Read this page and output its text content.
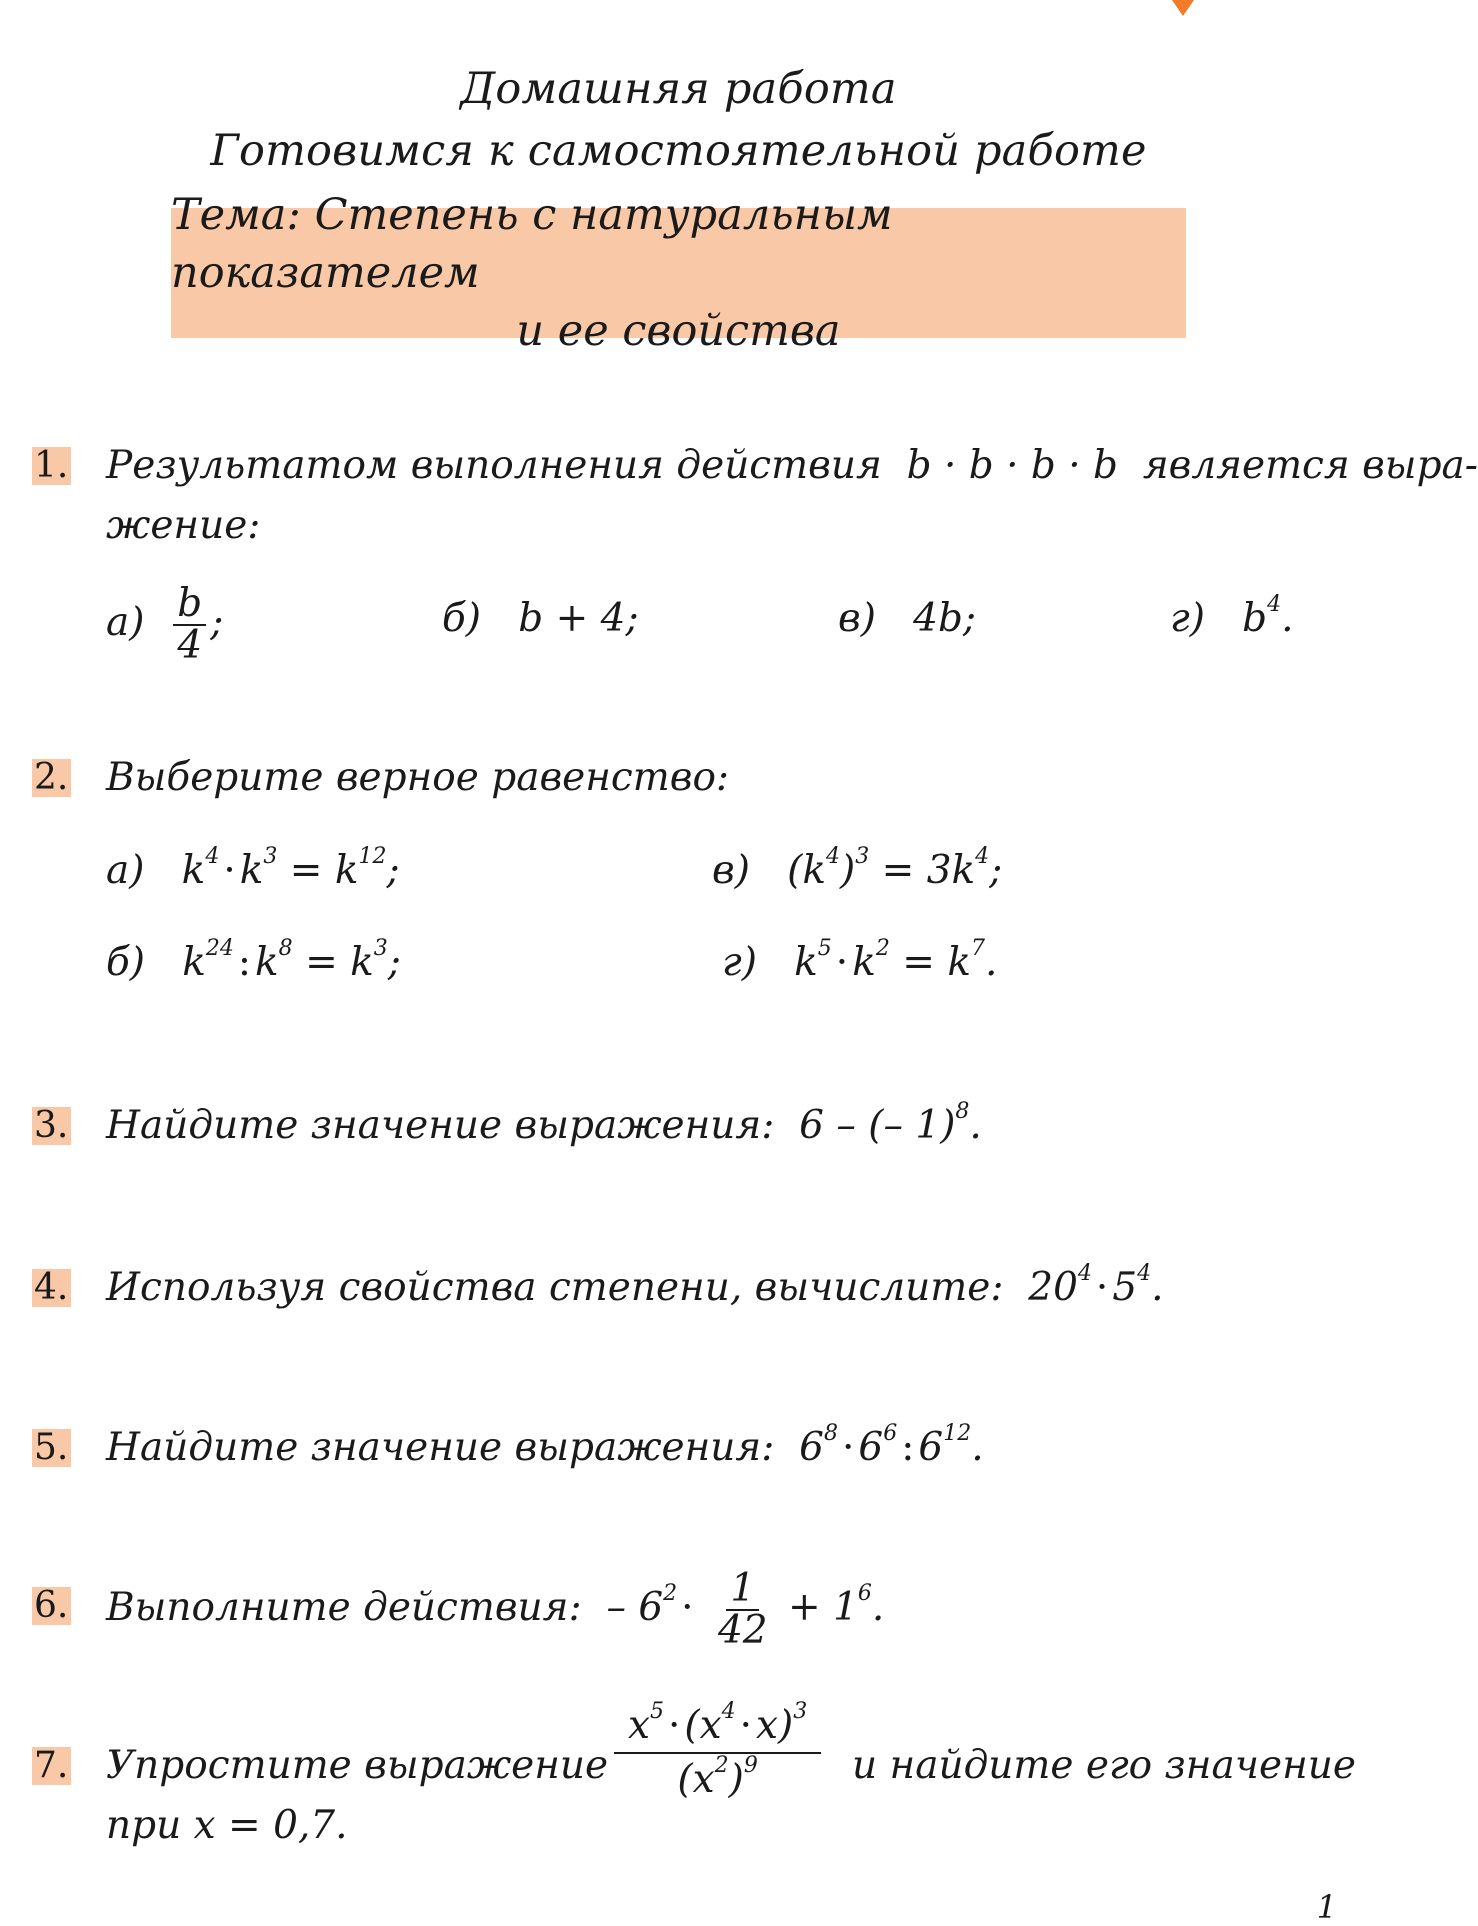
Домашняя работа
Готовимся к самостоятельной работе
Тема: Степень с натуральным показателем
и ее свойства
1. Результатом выполнения действия b · b · b · b является выра-
жение:
$а) \frac{b}{4}$ ;	б) b + 4;	в) 4b;	г) $b^4$.
2. Выберите верное равенство:
а) $k^4 \cdot k^3 = k^{12}$;	в) $(k^4)^3 = 3k^4$;
б) $k^{24}$ : $k^8 = k^3$;	г) $k^5 \cdot k^2 = k^7$.
3. Найдите значение выражения: 6 – (– 1)$^8$.
4. Используя свойства степени, вычислите: $20^4 \cdot 5^4$.
5. Найдите значение выражения: $6^8 \cdot 6^6$ : $6^{12}$.
6. Выполните действия: – $6^2 \cdot \frac{1}{42} + 1^6$.
7. Упростите выражение $\frac{x^5 \cdot (x^4 \cdot x)^3}{(x^2)^9}$ и найдите его значение
при x = 0,7.
1
